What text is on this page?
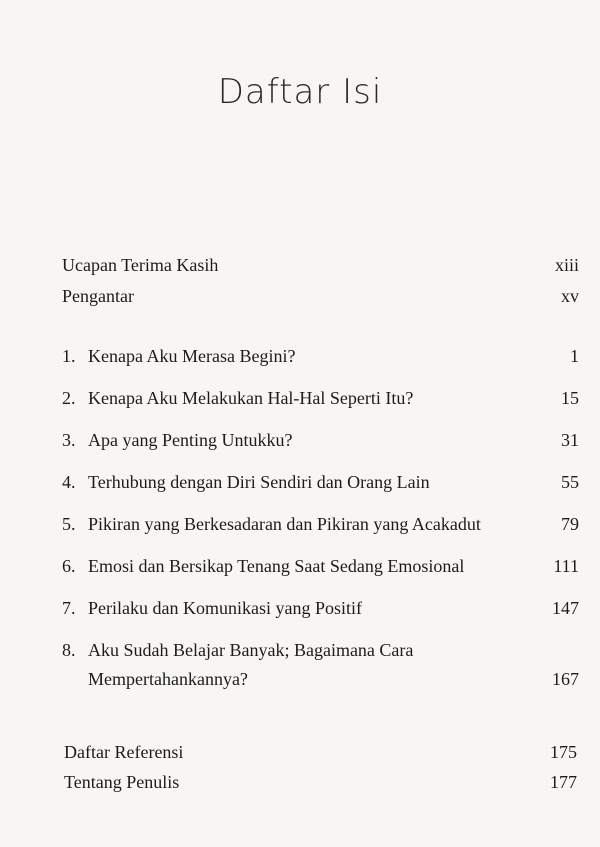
Daftar Isi
Ucapan Terima Kasih	xiii
Pengantar	xv
1. Kenapa Aku Merasa Begini?	1
2. Kenapa Aku Melakukan Hal-Hal Seperti Itu?	15
3. Apa yang Penting Untukku?	31
4. Terhubung dengan Diri Sendiri dan Orang Lain	55
5. Pikiran yang Berkesadaran dan Pikiran yang Acakadut	79
6. Emosi dan Bersikap Tenang Saat Sedang Emosional	111
7. Perilaku dan Komunikasi yang Positif	147
8. Aku Sudah Belajar Banyak; Bagaimana Cara
Mempertahankannya?	167
Daftar Referensi	175
Tentang Penulis	177
